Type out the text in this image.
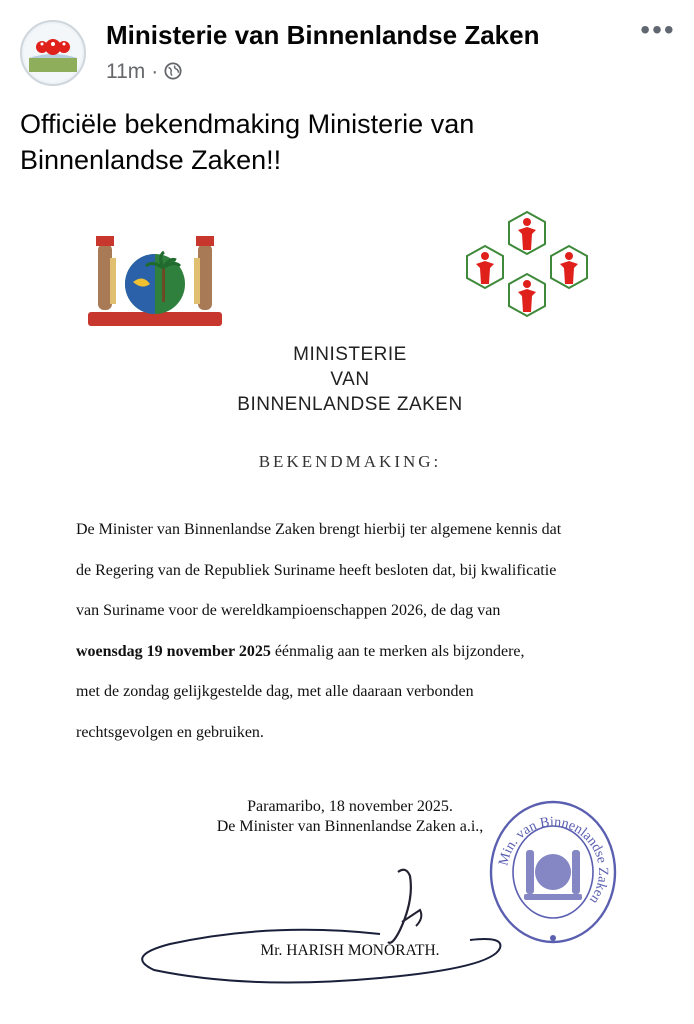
Ministerie van Binnenlandse Zaken
11m ·
•••
Officiële bekendmaking Ministerie van Binnenlandse Zaken!!
MINISTERIE
VAN
BINNENLANDSE ZAKEN
BEKENDMAKING:
De Minister van Binnenlandse Zaken brengt hierbij ter algemene kennis dat
de Regering van de Republiek Suriname heeft besloten dat, bij kwalificatie
van Suriname voor de wereldkampioenschappen 2026, de dag van
woensdag 19 november 2025 éénmalig aan te merken als bijzondere,
met de zondag gelijkgestelde dag, met alle daaraan verbonden
rechtsgevolgen en gebruiken.
Paramaribo, 18 november 2025.
De Minister van Binnenlandse Zaken a.i.,
Mr. HARISH MONORATH.
Min. van Binnenlandse Zaken
